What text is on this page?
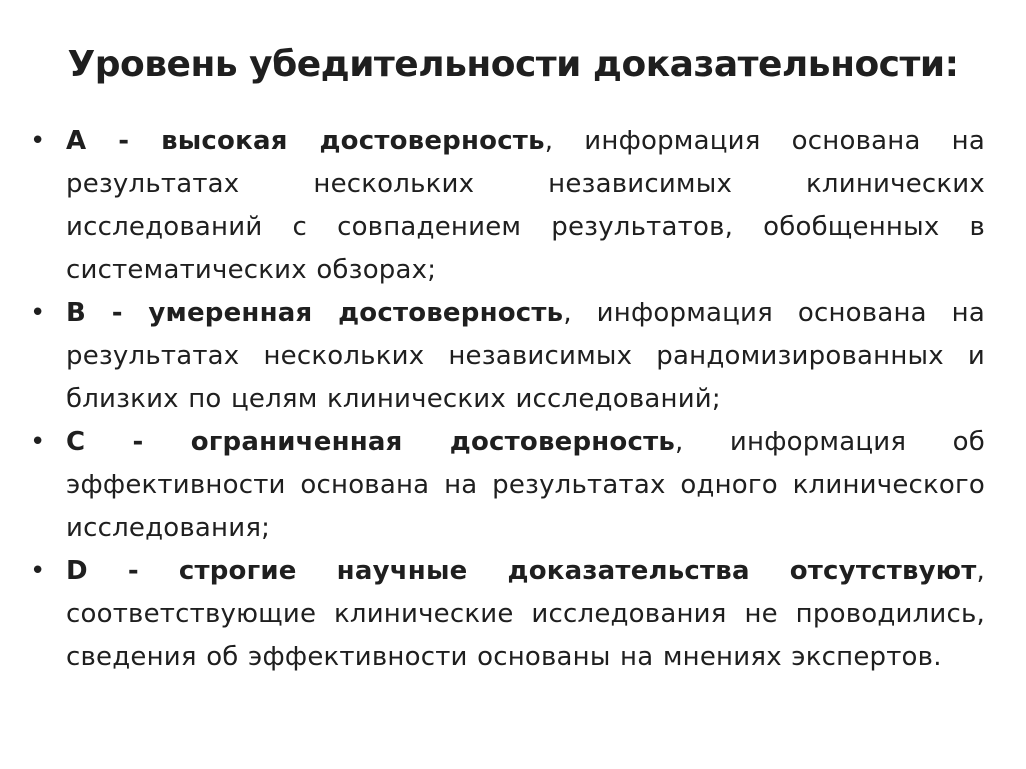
Уровень убедительности доказательности:
• А - высокая достоверность, информация основана на результатах нескольких независимых клинических исследований с совпадением результатов, обобщенных в систематических обзорах;
• В - умеренная достоверность, информация основана на результатах нескольких независимых рандомизированных и близких по целям клинических исследований;
• С - ограниченная достоверность, информация об эффективности основана на результатах одного клинического исследования;
• D - строгие научные доказательства отсутствуют, соответствующие клинические исследования не проводились, сведения об эффективности основаны на мнениях экспертов.
